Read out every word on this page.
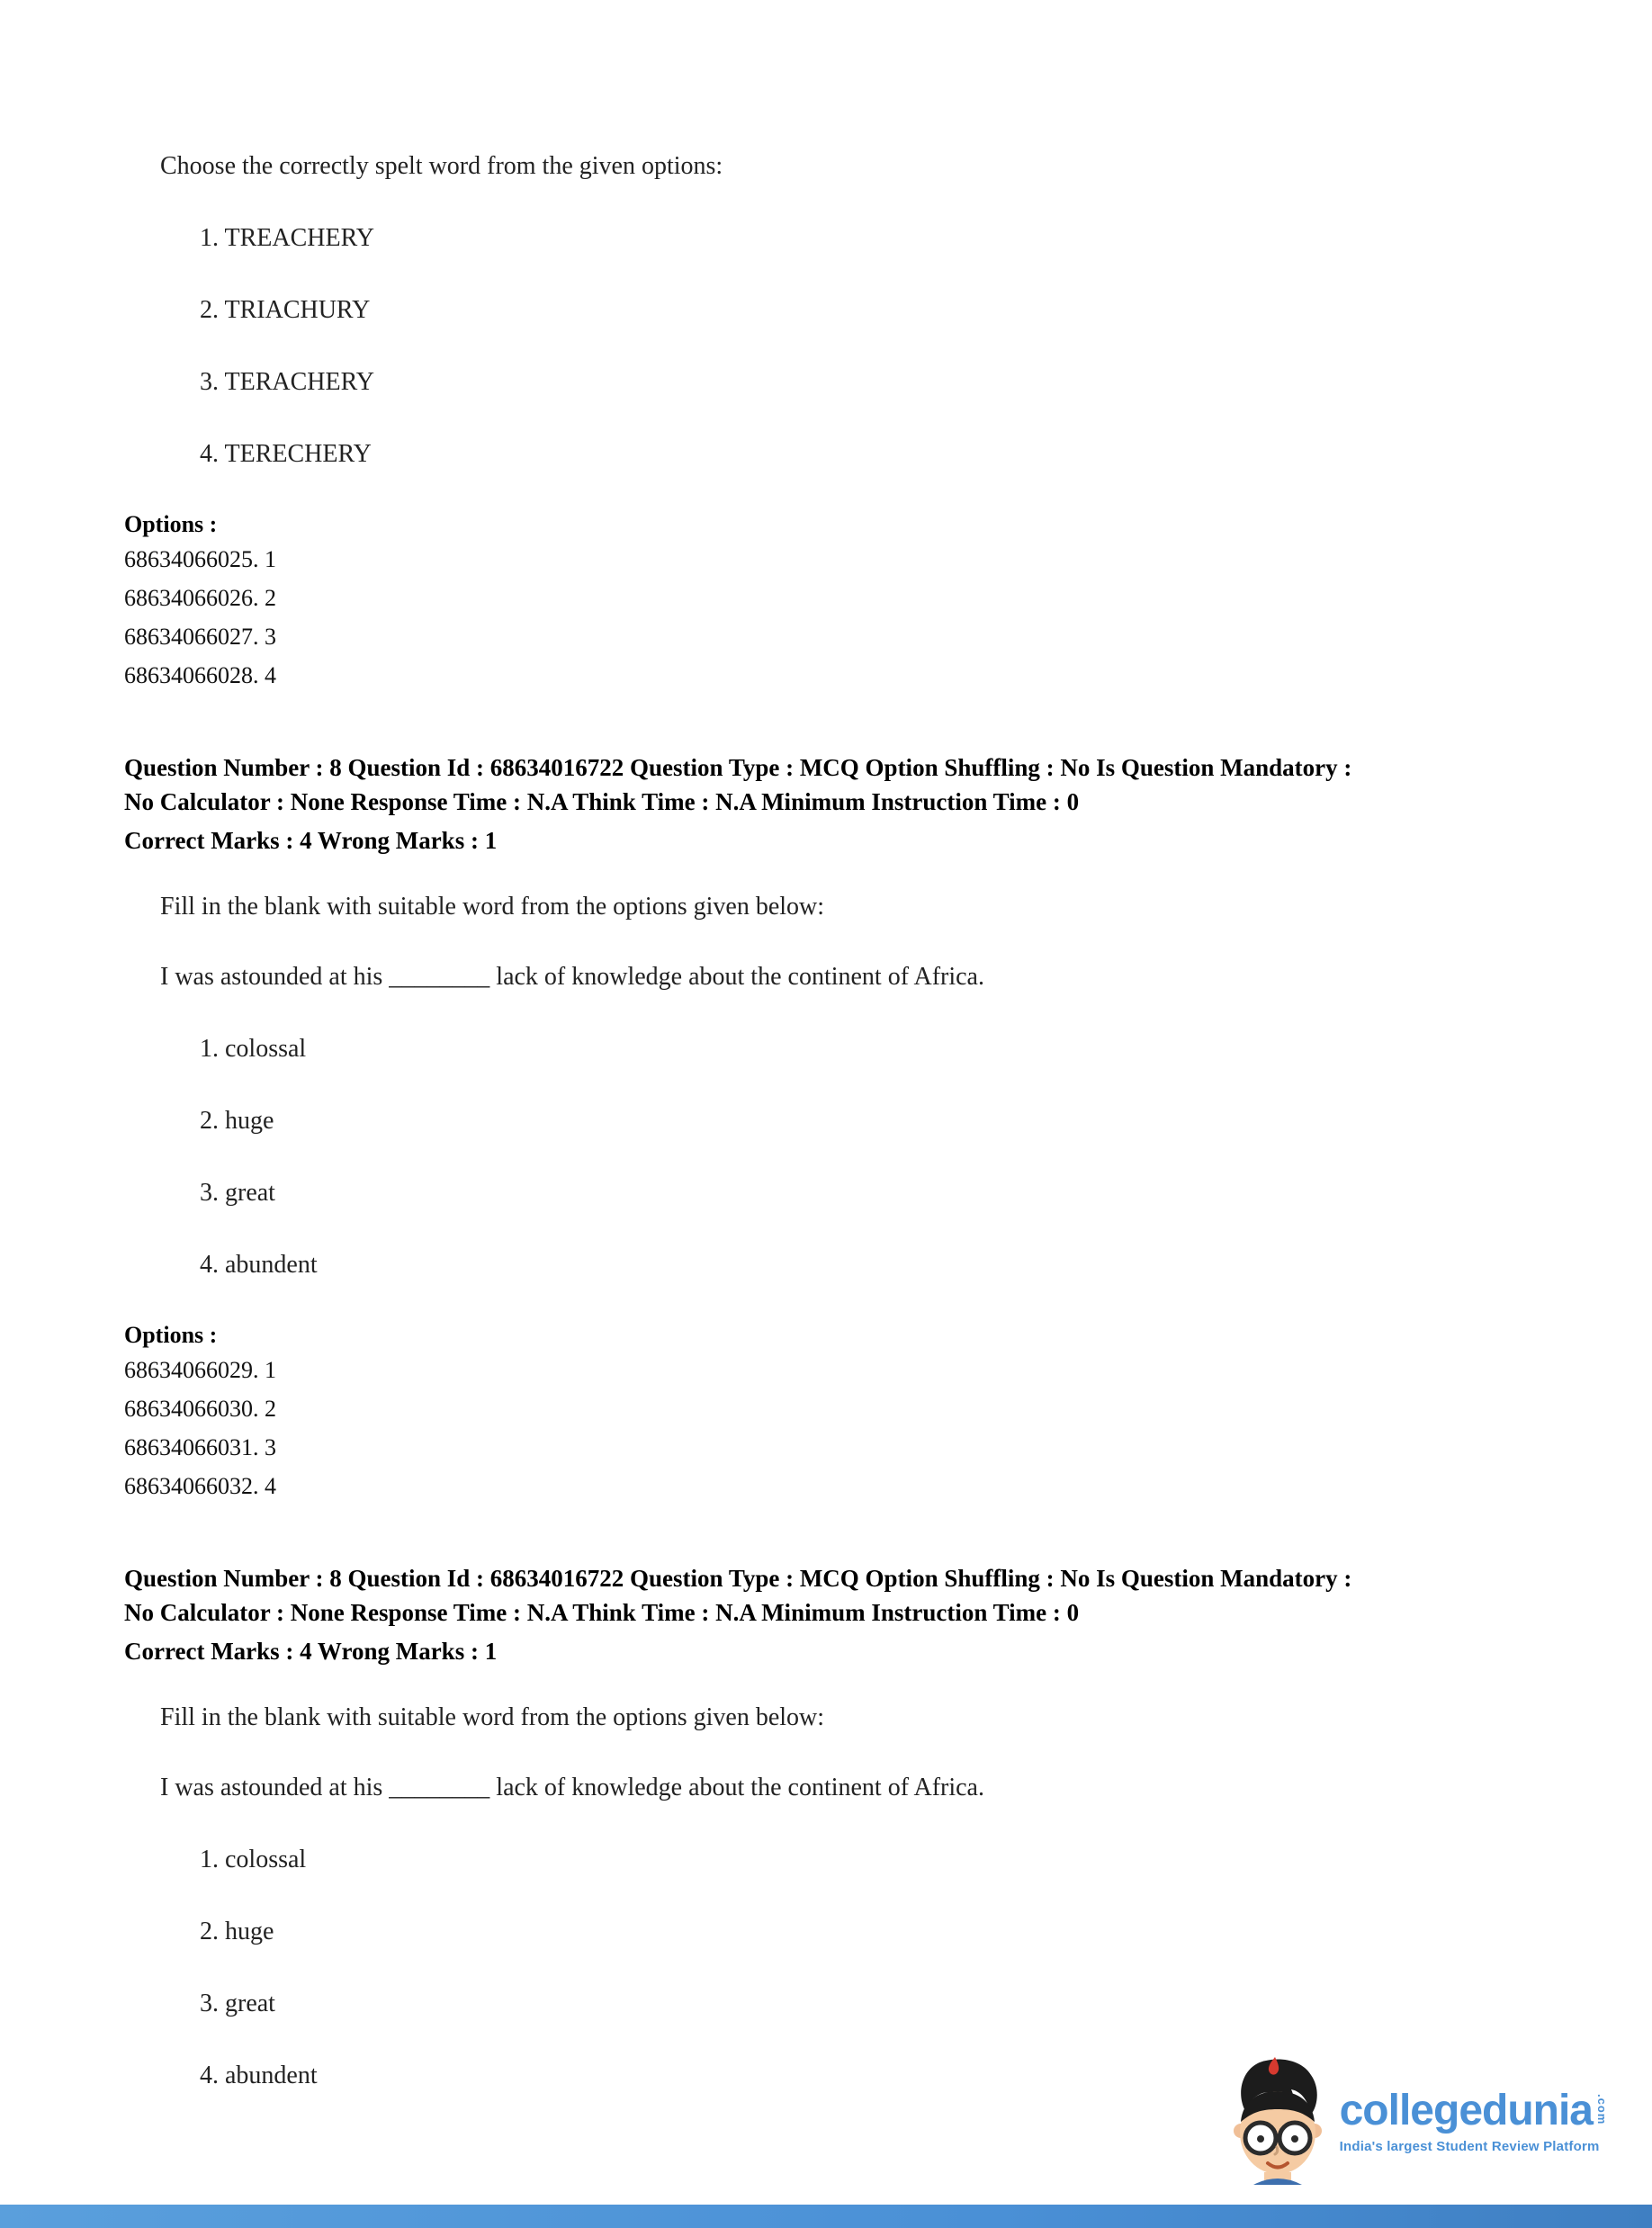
Choose the correctly spelt word from the given options:

1. TREACHERY

2. TRIACHURY

3. TERACHERY

4. TERECHERY

Options :

68634066025. 1

68634066026. 2

68634066027. 3

68634066028. 4

Question Number : 8 Question Id : 68634016722 Question Type : MCQ Option Shuffling : No Is Question Mandatory :
No Calculator : None Response Time : N.A Think Time : N.A Minimum Instruction Time : 0
Correct Marks : 4 Wrong Marks : 1

Fill in the blank with suitable word from the options given below:

I was astounded at his ________ lack of knowledge about the continent of Africa.

1. colossal

2. huge

3. great

4. abundent

Options :

68634066029. 1

68634066030. 2

68634066031. 3

68634066032. 4

Question Number : 8 Question Id : 68634016722 Question Type : MCQ Option Shuffling : No Is Question Mandatory :
No Calculator : None Response Time : N.A Think Time : N.A Minimum Instruction Time : 0
Correct Marks : 4 Wrong Marks : 1

Fill in the blank with suitable word from the options given below:

I was astounded at his ________ lack of knowledge about the continent of Africa.

1. colossal

2. huge

3. great

4. abundent

collegedunia .com
India's largest Student Review Platform
